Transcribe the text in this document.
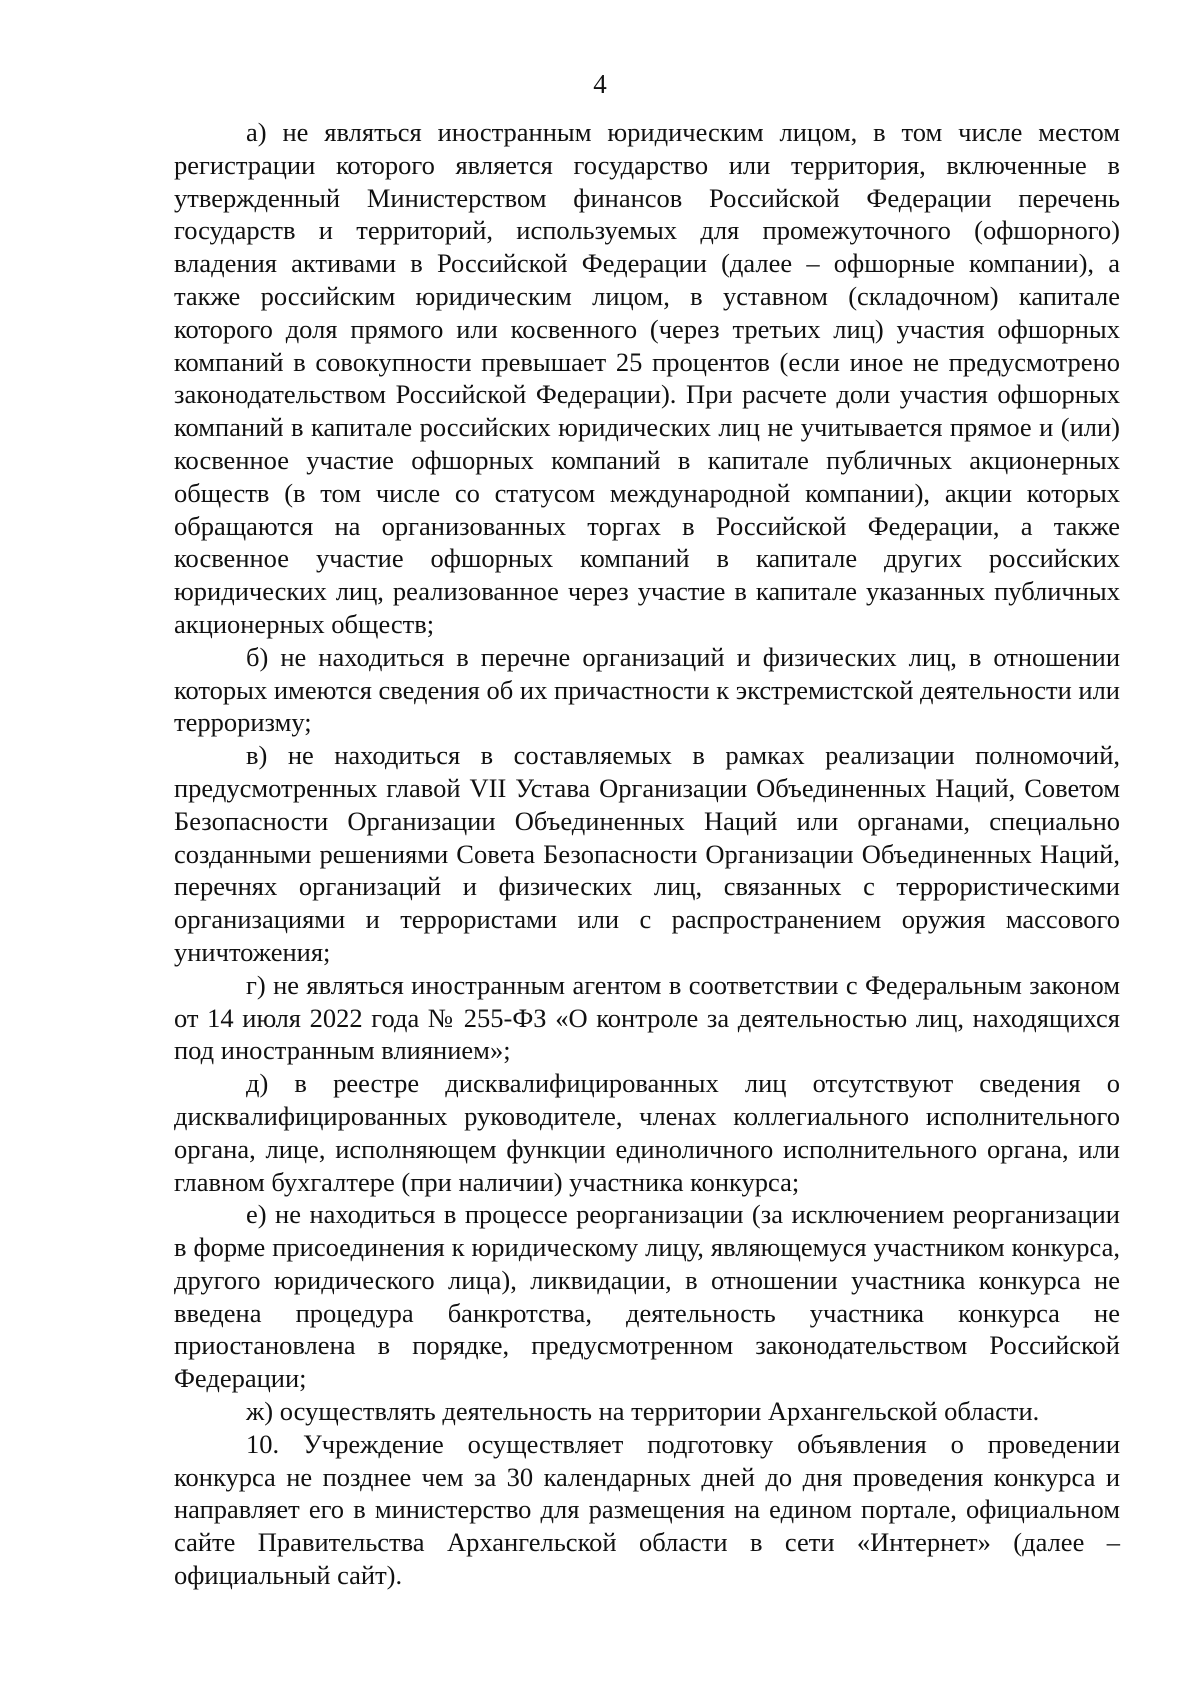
4

а) не являться иностранным юридическим лицом, в том числе местом регистрации которого является государство или территория, включенные в утвержденный Министерством финансов Российской Федерации перечень государств и территорий, используемых для промежуточного (офшорного) владения активами в Российской Федерации (далее – офшорные компании), а также российским юридическим лицом, в уставном (складочном) капитале которого доля прямого или косвенного (через третьих лиц) участия офшорных компаний в совокупности превышает 25 процентов (если иное не предусмотрено законодательством Российской Федерации). При расчете доли участия офшорных компаний в капитале российских юридических лиц не учитывается прямое и (или) косвенное участие офшорных компаний в капитале публичных акционерных обществ (в том числе со статусом международной компании), акции которых обращаются на организованных торгах в Российской Федерации, а также косвенное участие офшорных компаний в капитале других российских юридических лиц, реализованное через участие в капитале указанных публичных акционерных обществ;

б) не находиться в перечне организаций и физических лиц, в отношении которых имеются сведения об их причастности к экстремистской деятельности или терроризму;

в) не находиться в составляемых в рамках реализации полномочий, предусмотренных главой VII Устава Организации Объединенных Наций, Советом Безопасности Организации Объединенных Наций или органами, специально созданными решениями Совета Безопасности Организации Объединенных Наций, перечнях организаций и физических лиц, связанных с террористическими организациями и террористами или с распространением оружия массового уничтожения;

г) не являться иностранным агентом в соответствии с Федеральным законом от 14 июля 2022 года № 255-ФЗ «О контроле за деятельностью лиц, находящихся под иностранным влиянием»;

д) в реестре дисквалифицированных лиц отсутствуют сведения о дисквалифицированных руководителе, членах коллегиального исполнительного органа, лице, исполняющем функции единоличного исполнительного органа, или главном бухгалтере (при наличии) участника конкурса;

е) не находиться в процессе реорганизации (за исключением реорганизации в форме присоединения к юридическому лицу, являющемуся участником конкурса, другого юридического лица), ликвидации, в отношении участника конкурса не введена процедура банкротства, деятельность участника конкурса не приостановлена в порядке, предусмотренном законодательством Российской Федерации;

ж) осуществлять деятельность на территории Архангельской области.

10. Учреждение осуществляет подготовку объявления о проведении конкурса не позднее чем за 30 календарных дней до дня проведения конкурса и направляет его в министерство для размещения на едином портале, официальном сайте Правительства Архангельской области в сети «Интернет» (далее – официальный сайт).
